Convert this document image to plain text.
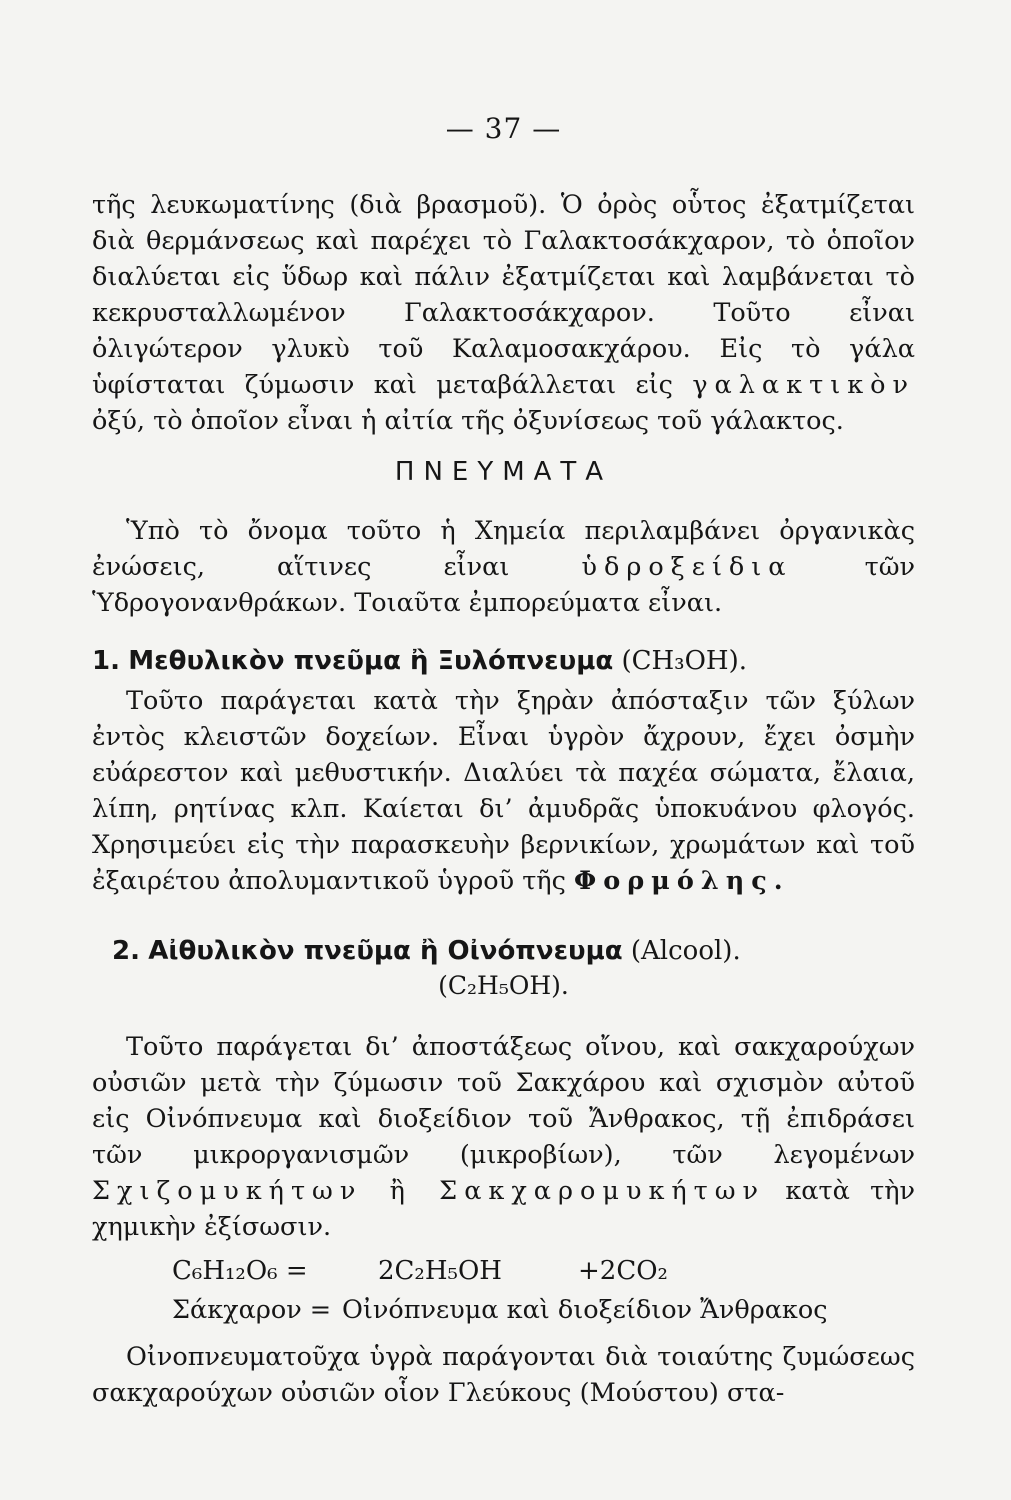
— 37 —

τῆς λευκωματίνης (διὰ βρασμοῦ). Ὁ ὀρὸς οὗτος ἐξατμίζεται διὰ θερμάνσεως καὶ παρέχει τὸ Γαλακτοσάκχαρον, τὸ ὁποῖον διαλύεται εἰς ὕδωρ καὶ πάλιν ἐξατμίζεται καὶ λαμβάνεται τὸ κεκρυσταλλωμένον Γαλακτοσάκχαρον. Τοῦτο εἶναι ὀλιγώτερον γλυκὺ τοῦ Καλαμοσακχάρου. Εἰς τὸ γάλα ὑφίσταται ζύμωσιν καὶ μεταβάλλεται εἰς γαλακτικὸν ὀξύ, τὸ ὁποῖον εἶναι ἡ αἰτία τῆς ὀξυνίσεως τοῦ γάλακτος.

ΠΝΕΥΜΑΤΑ

Ὑπὸ τὸ ὄνομα τοῦτο ἡ Χημεία περιλαμβάνει ὀργανικὰς ἐνώσεις, αἵτινες εἶναι	ὑδροξείδια	τῶν Ὑδρογονανθράκων. Τοιαῦτα ἐμπορεύματα εἶναι.

1. Μεθυλικὸν πνεῦμα ἢ Ξυλόπνευμα (CH₃OH).

Τοῦτο παράγεται κατὰ τὴν ξηρὰν ἀπόσταξιν τῶν ξύλων ἐντὸς κλειστῶν δοχείων. Εἶναι ὑγρὸν ἄχρουν, ἔχει ὀσμὴν εὐάρεστον καὶ μεθυστικήν. Διαλύει τὰ παχέα σώματα, ἔλαια, λίπη, ρητίνας κλπ. Καίεται δι’ ἀμυδρᾶς ὑποκυάνου φλογός. Χρησιμεύει εἰς τὴν παρασκευὴν βερνικίων, χρωμάτων καὶ τοῦ ἐξαιρέτου ἀπολυμαντικοῦ ὑγροῦ τῆς Φορμόλης.

2. Αἰθυλικὸν πνεῦμα ἢ Οἰνόπνευμα (Alcool).
(C₂H₅OH).

Τοῦτο παράγεται δι’ ἀποστάξεως οἴνου, καὶ σακχαρούχων οὐσιῶν μετὰ τὴν ζύμωσιν τοῦ Σακχάρου καὶ σχισμὸν αὐτοῦ εἰς Οἰνόπνευμα καὶ διοξείδιον τοῦ Ἄνθρακος, τῇ ἐπιδράσει τῶν μικροργανισμῶν (μικροβίων), τῶν λεγομένων Σχιζομυκήτων ἢ Σακχαρομυκήτων κατὰ τὴν χημικὴν ἐξίσωσιν.

C₆H₁₂O₆ =	2C₂H₅OH	+2CO₂
Σάκχαρον = Οἰνόπνευμα καὶ διοξείδιον Ἄνθρακος

Οἰνοπνευματοῦχα ὑγρὰ παράγονται διὰ τοιαύτης ζυμώσεως σακχαρούχων οὐσιῶν οἷον Γλεύκους (Μούστου) στα-
